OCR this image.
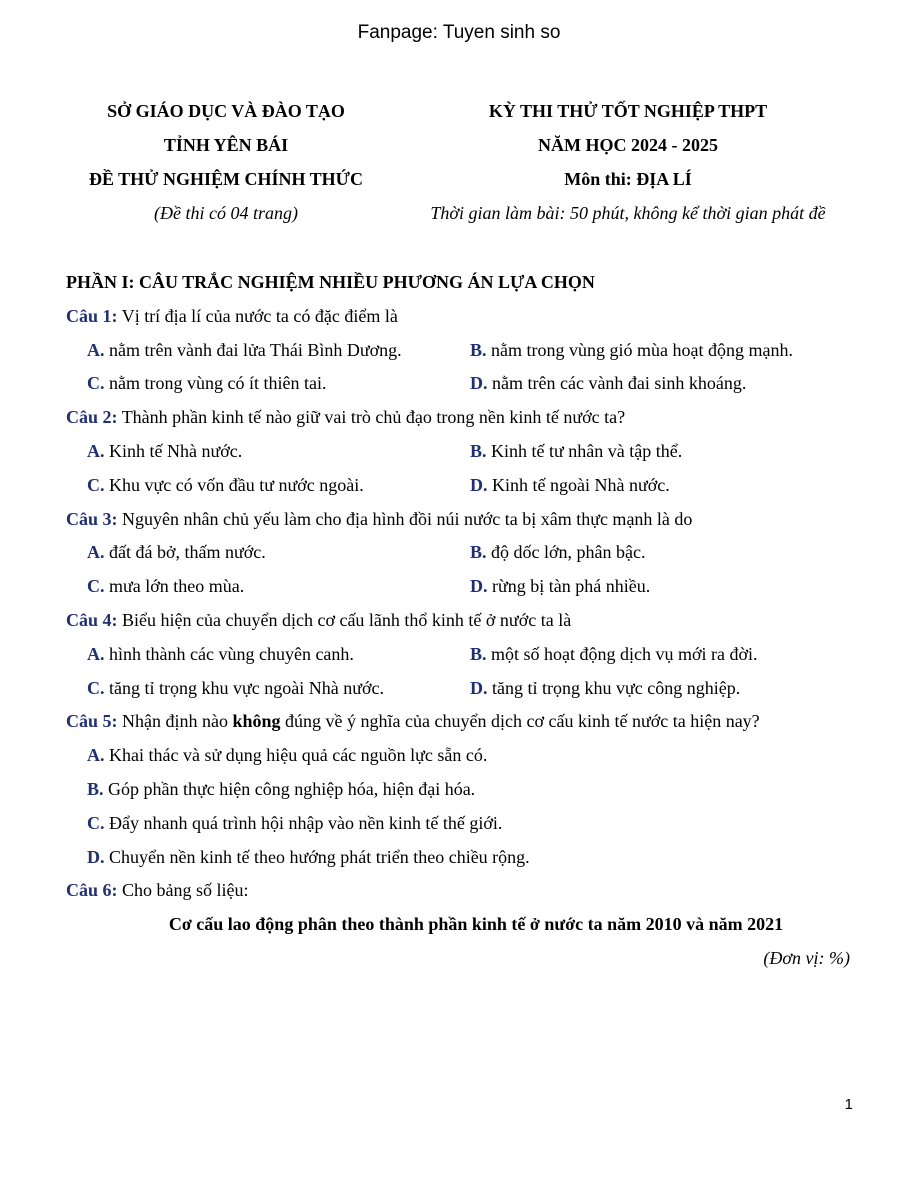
Fanpage: Tuyen sinh so
SỞ GIÁO DỤC VÀ ĐÀO TẠO
TỈNH YÊN BÁI
ĐỀ THỬ NGHIỆM CHÍNH THỨC
(Đề thi có 04 trang)
KỲ THI THỬ TỐT NGHIỆP THPT
NĂM HỌC 2024 - 2025
Môn thi: ĐỊA LÍ
Thời gian làm bài: 50 phút, không kể thời gian phát đề
PHẦN I: CÂU TRẮC NGHIỆM NHIỀU PHƯƠNG ÁN LỰA CHỌN
Câu 1: Vị trí địa lí của nước ta có đặc điểm là
A. nằm trên vành đai lửa Thái Bình Dương.	B. nằm trong vùng gió mùa hoạt động mạnh.
C. nằm trong vùng có ít thiên tai.	D. nằm trên các vành đai sinh khoáng.
Câu 2: Thành phần kinh tế nào giữ vai trò chủ đạo trong nền kinh tế nước ta?
A. Kinh tế Nhà nước.	B. Kinh tế tư nhân và tập thể.
C. Khu vực có vốn đầu tư nước ngoài.	D. Kinh tế ngoài Nhà nước.
Câu 3: Nguyên nhân chủ yếu làm cho địa hình đồi núi nước ta bị xâm thực mạnh là do
A. đất đá bở, thấm nước.	B. độ dốc lớn, phân bậc.
C. mưa lớn theo mùa.	D. rừng bị tàn phá nhiều.
Câu 4: Biểu hiện của chuyển dịch cơ cấu lãnh thổ kinh tế ở nước ta là
A. hình thành các vùng chuyên canh.	B. một số hoạt động dịch vụ mới ra đời.
C. tăng tỉ trọng khu vực ngoài Nhà nước.	D. tăng tỉ trọng khu vực công nghiệp.
Câu 5: Nhận định nào không đúng về ý nghĩa của chuyển dịch cơ cấu kinh tế nước ta hiện nay?
A. Khai thác và sử dụng hiệu quả các nguồn lực sẵn có.
B. Góp phần thực hiện công nghiệp hóa, hiện đại hóa.
C. Đẩy nhanh quá trình hội nhập vào nền kinh tế thế giới.
D. Chuyển nền kinh tế theo hướng phát triển theo chiều rộng.
Câu 6: Cho bảng số liệu:
Cơ cấu lao động phân theo thành phần kinh tế ở nước ta năm 2010 và năm 2021
(Đơn vị: %)
1
